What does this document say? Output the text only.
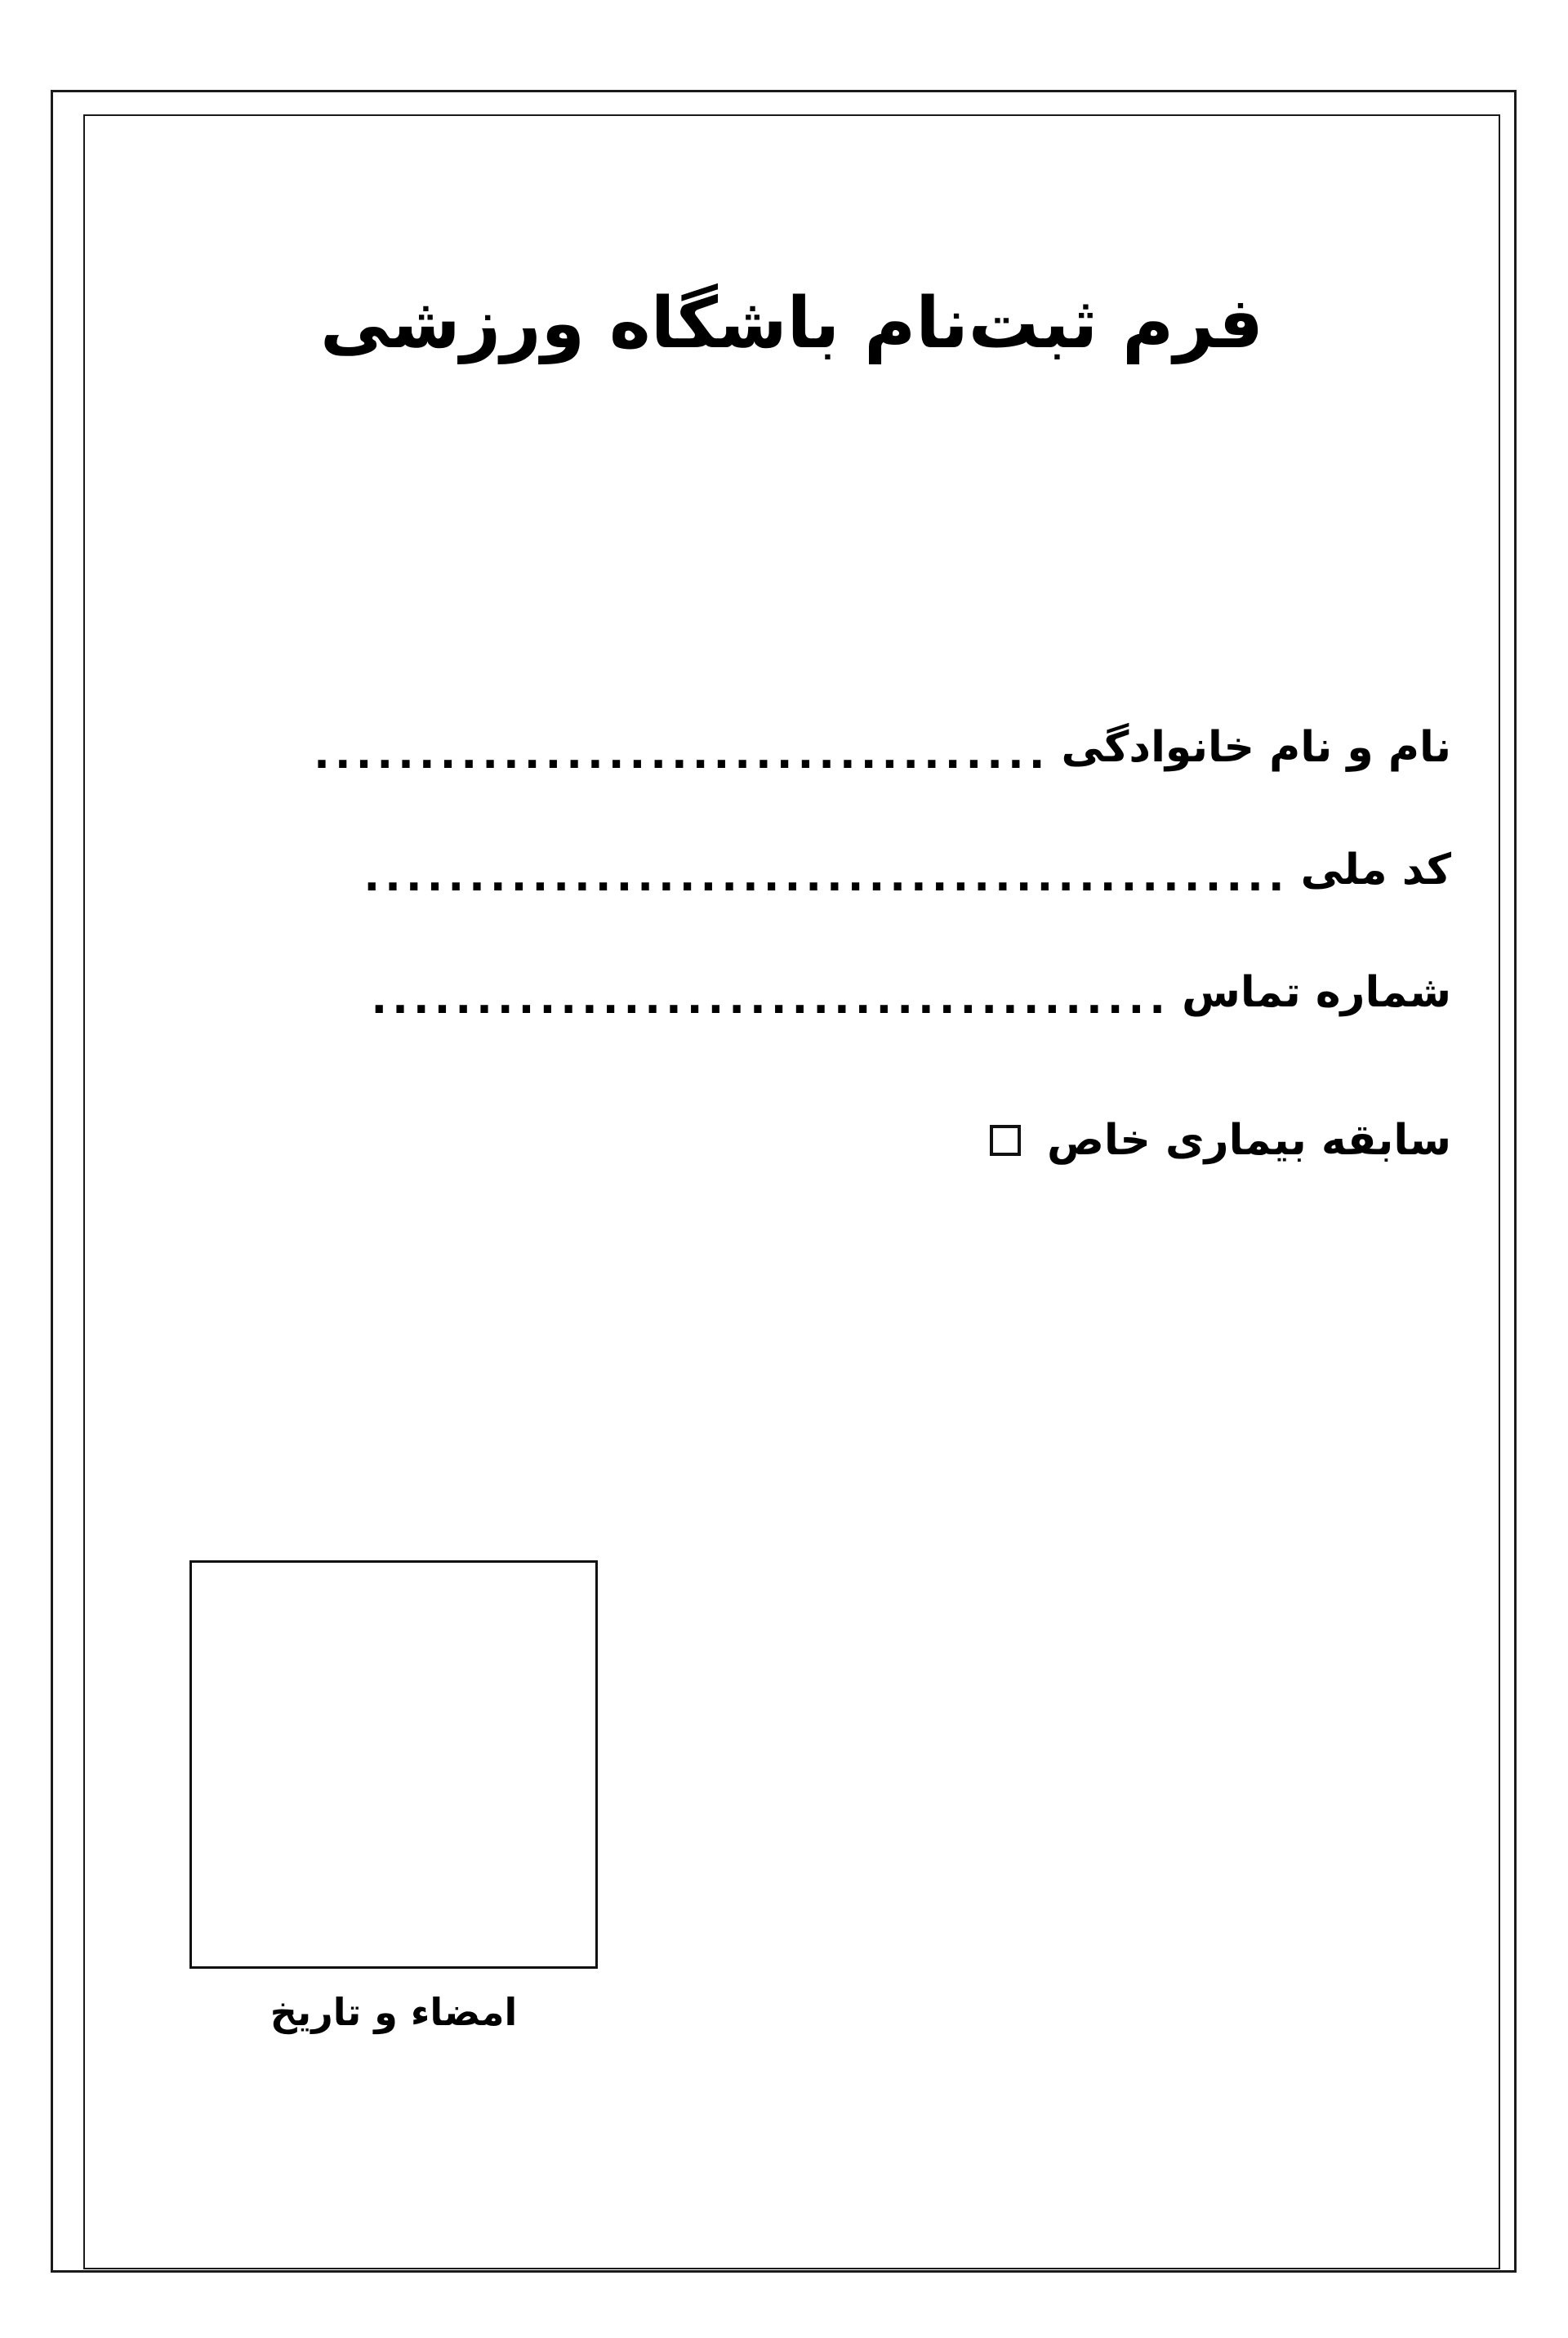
فرم ثبت‌نام باشگاه ورزشی
نام و نام خانوادگی
...................................
کد ملی
............................................
شماره تماس
......................................
سابقه بیماری خاص
امضاء و تاریخ
